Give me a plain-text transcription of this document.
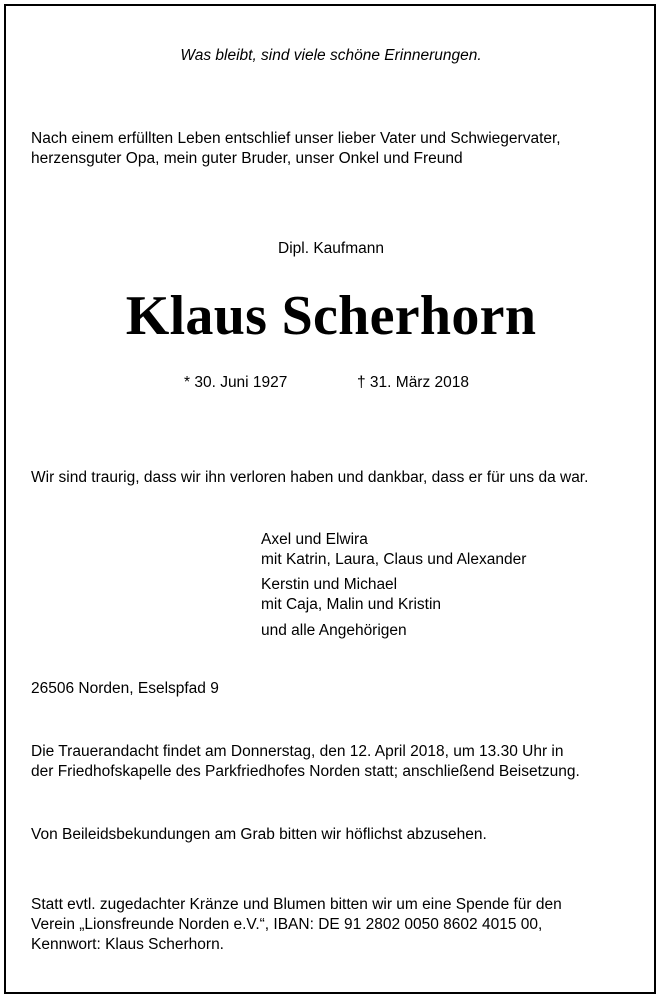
Was bleibt, sind viele schöne Erinnerungen.

Nach einem erfüllten Leben entschlief unser lieber Vater und Schwiegervater,

herzensguter Opa, mein guter Bruder, unser Onkel und Freund

Dipl. Kaufmann

Klaus Scherhorn

* 30. Juni 1927	† 31. März 2018

Wir sind traurig, dass wir ihn verloren haben und dankbar, dass er für uns da war.

Axel und Elwira

mit Katrin, Laura, Claus und Alexander

Kerstin und Michael

mit Caja, Malin und Kristin

und alle Angehörigen

26506 Norden, Eselspfad 9

Die Trauerandacht findet am Donnerstag, den 12. April 2018, um 13.30 Uhr in

der Friedhofskapelle des Parkfriedhofes Norden statt; anschließend Beisetzung.

Von Beileidsbekundungen am Grab bitten wir höflichst abzusehen.

Statt evtl. zugedachter Kränze und Blumen bitten wir um eine Spende für den

Verein „Lionsfreunde Norden e.V.“, IBAN: DE 91 2802 0050 8602 4015 00,

Kennwort: Klaus Scherhorn.
